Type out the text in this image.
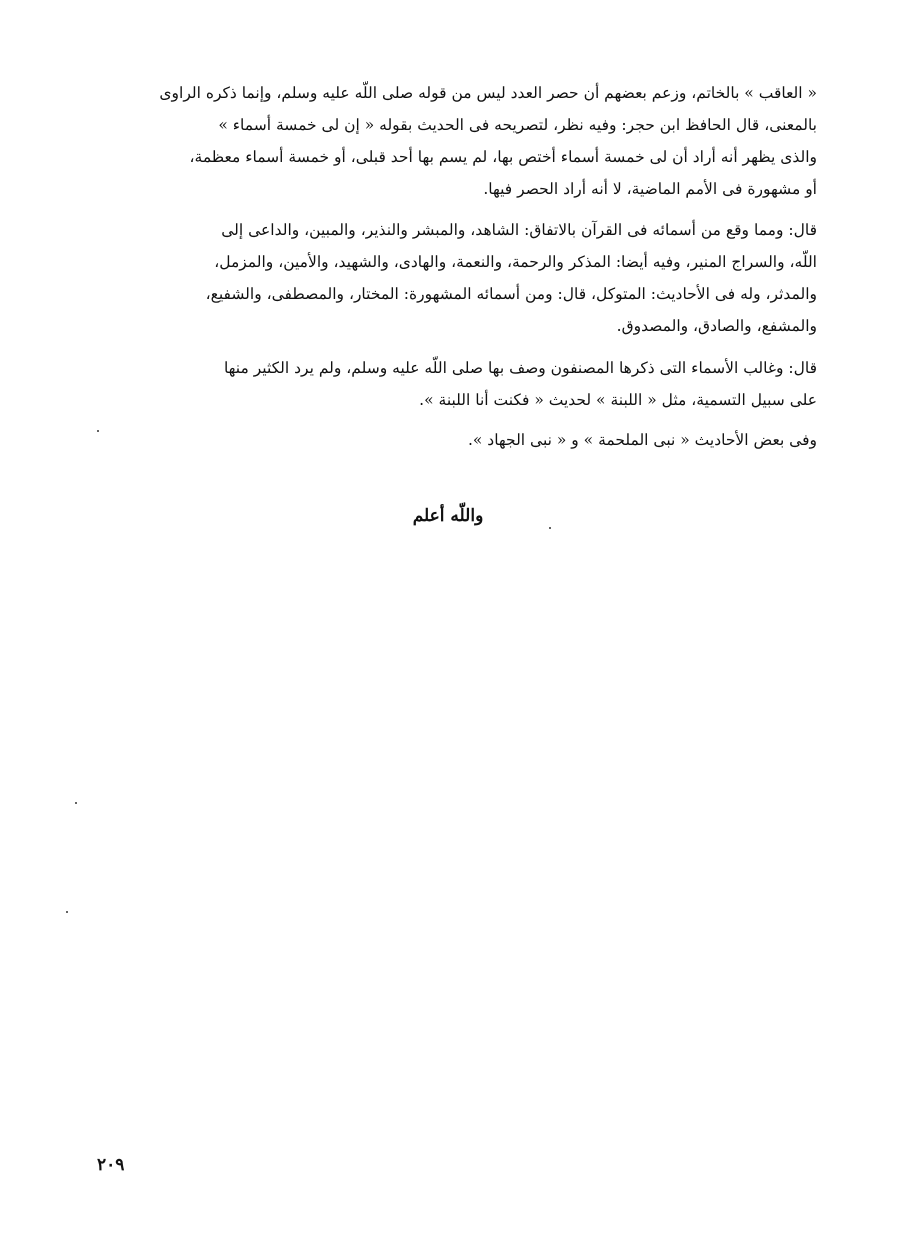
« العاقب » بالخاتم، وزعم بعضهم أن حصر العدد ليس من قوله صلى اللّه عليه وسلم، وإنما ذكره الراوى
بالمعنى، قال الحافظ ابن حجر: وفيه نظر، لتصريحه فى الحديث بقوله « إن لى خمسة أسماء »
والذى يظهر أنه أراد أن لى خمسة أسماء أختص بها، لم يسم بها أحد قبلى، أو خمسة أسماء معظمة،
أو مشهورة فى الأمم الماضية، لا أنه أراد الحصر فيها.
قال: ومما وقع من أسمائه فى القرآن بالاتفاق: الشاهد، والمبشر والنذير، والمبين، والداعى إلى
اللّه، والسراج المنير، وفيه أيضا: المذكر والرحمة، والنعمة، والهادى، والشهيد، والأمين، والمزمل،
والمدثر، وله فى الأحاديث: المتوكل، قال: ومن أسمائه المشهورة: المختار، والمصطفى، والشفيع،
والمشفع، والصادق، والمصدوق.
قال: وغالب الأسماء التى ذكرها المصنفون وصف بها صلى اللّه عليه وسلم، ولم يرد الكثير منها
على سبيل التسمية، مثل « اللبنة » لحديث « فكنت أنا اللبنة ».
وفى بعض الأحاديث « نبى الملحمة » و « نبى الجهاد ».
واللّه أعلم
٢٠٩
